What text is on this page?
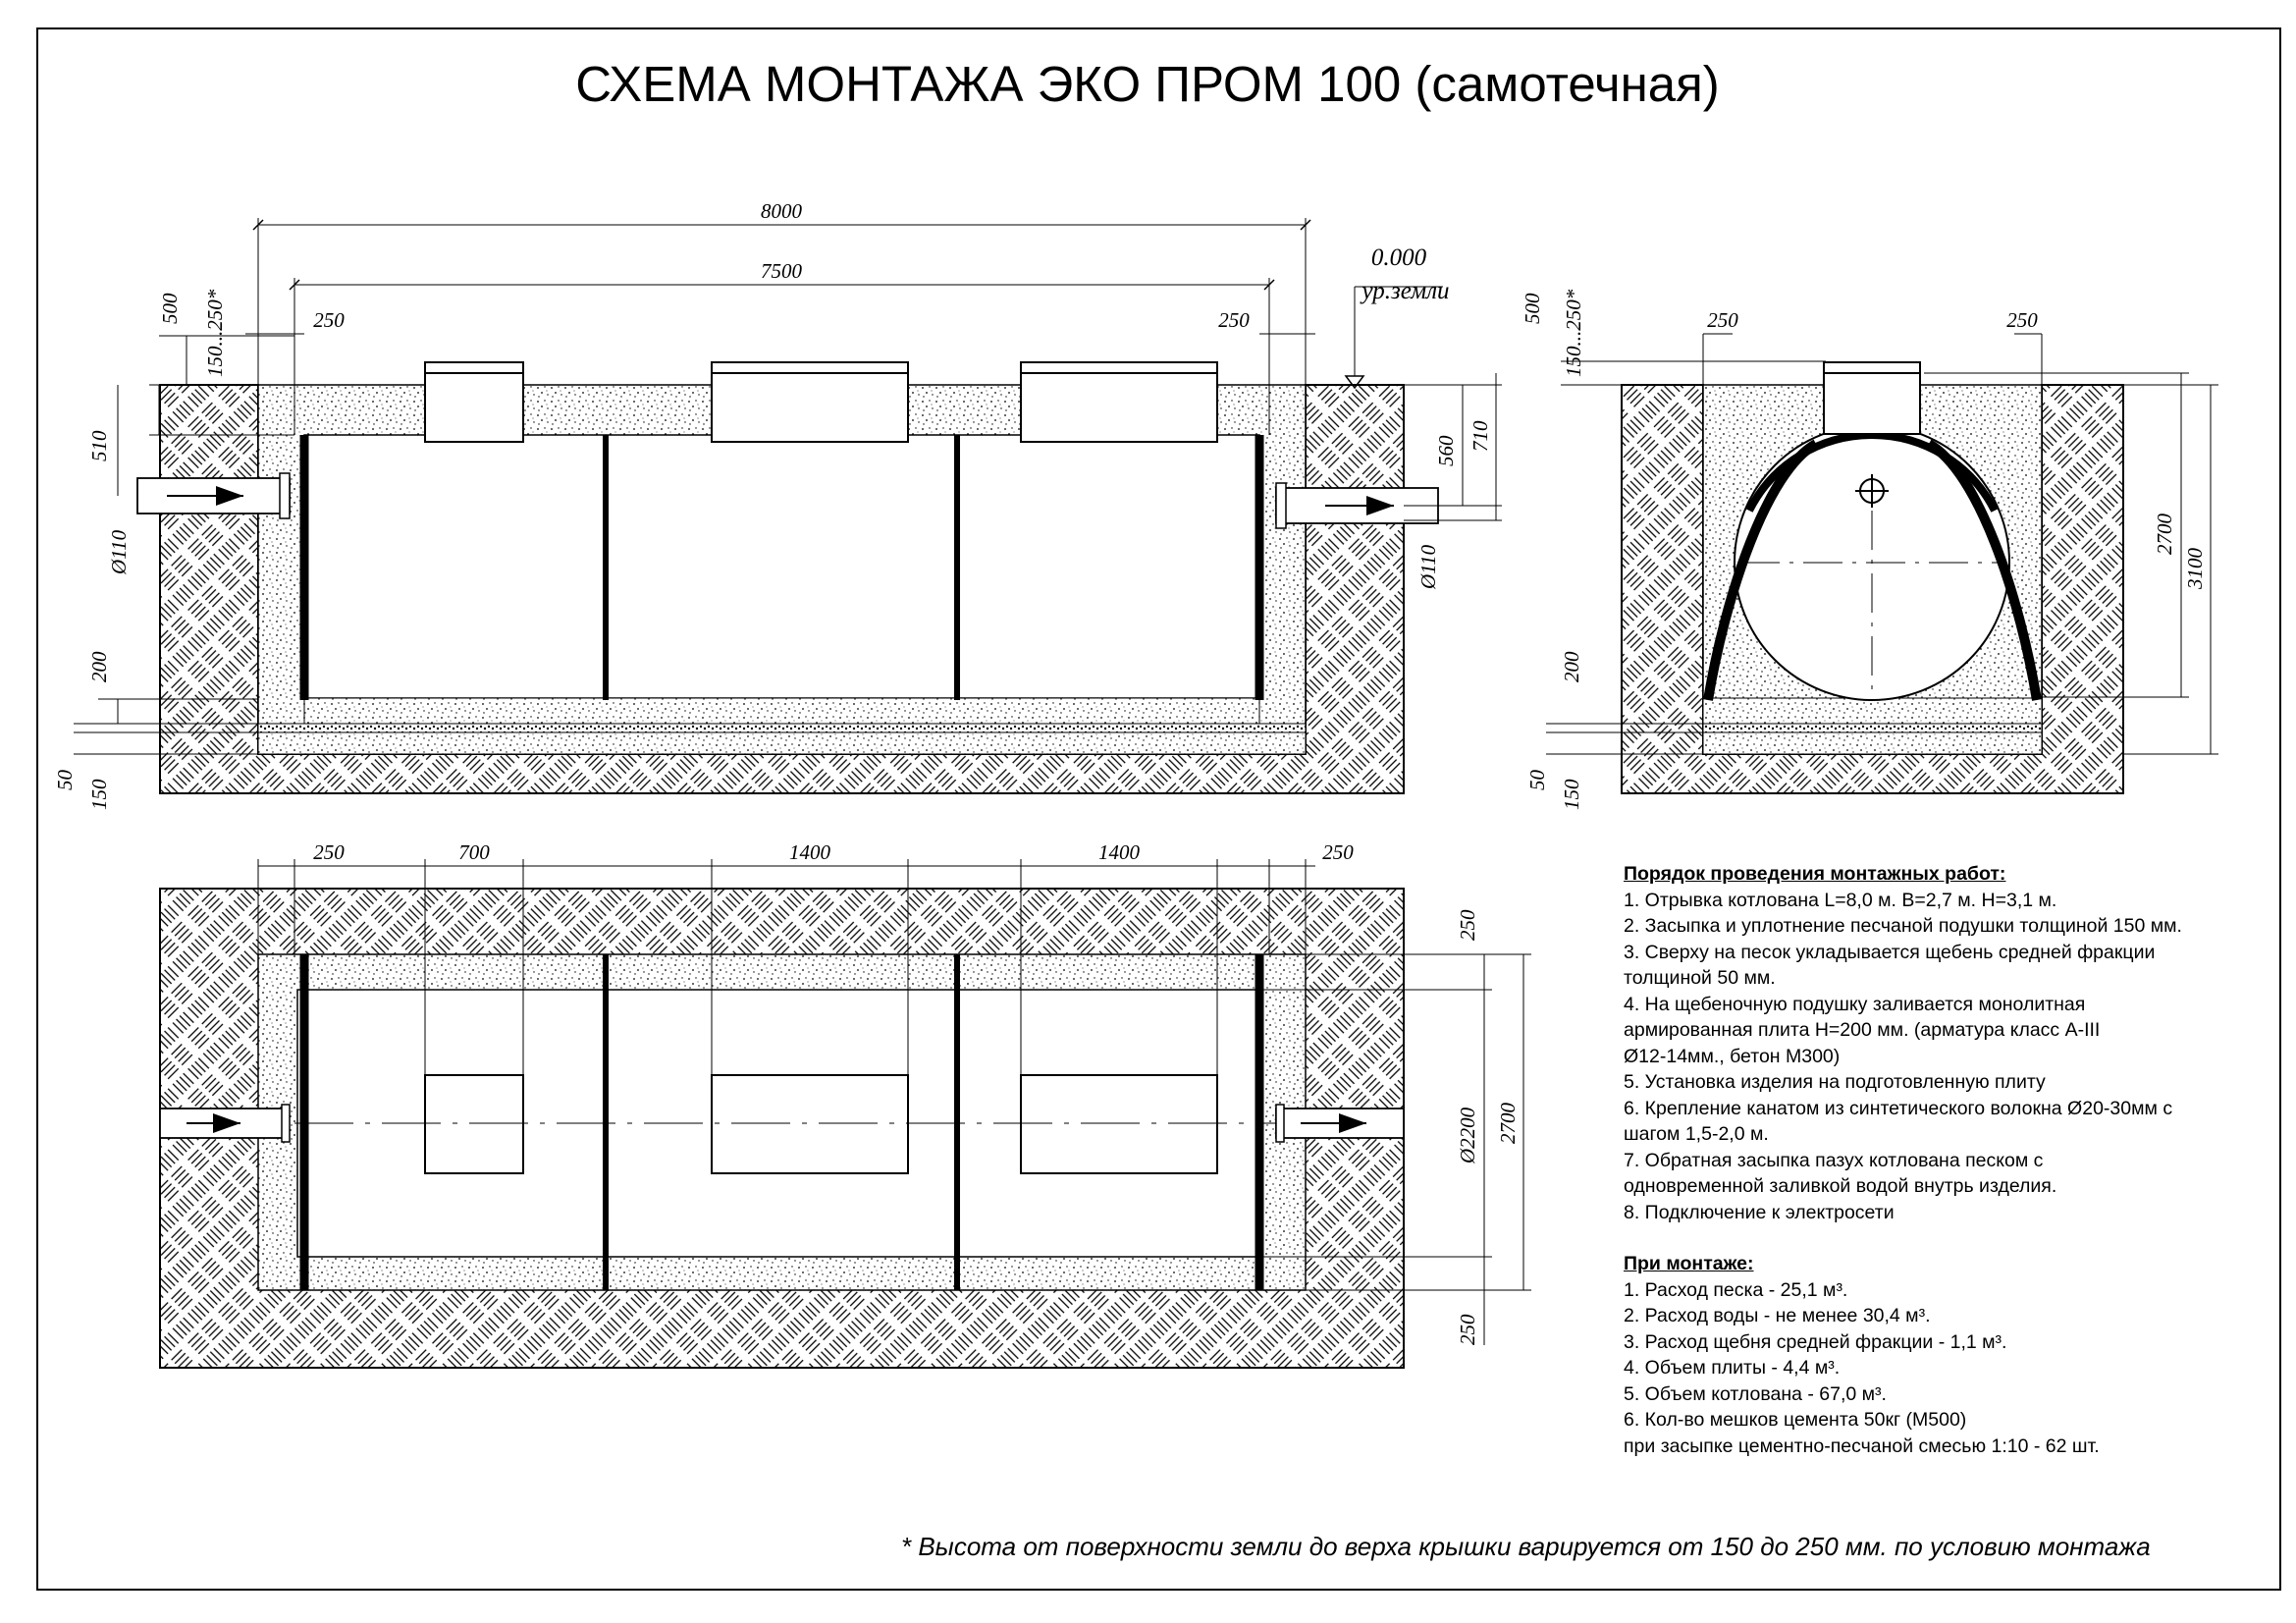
СХЕМА МОНТАЖА ЭКО ПРОМ 100 (самотечная)
8000
7500
250	250
0.000
ур.земли
500 150...250*
510
Ø110
200
50 150
560 710
Ø110
250	250
500 150...250*
200
50 150
2700
3100
250	700	1400	1400	250
250
Ø2200 2700
250
Порядок проведения монтажных работ:
1. Отрывка котлована L=8,0 м. B=2,7 м. H=3,1 м.
2. Засыпка и уплотнение песчаной подушки толщиной 150 мм.
3. Сверху на песок укладывается щебень средней фракции
толщиной 50 мм.
4. На щебеночную подушку заливается монолитная
армированная плита H=200 мм. (арматура класс А-III
Ø12-14мм., бетон М300)
5. Установка изделия на подготовленную плиту
6. Крепление канатом из синтетического волокна Ø20-30мм с
шагом 1,5-2,0 м.
7. Обратная засыпка пазух котлована песком с
одновременной заливкой водой внутрь изделия.
8. Подключение к электросети
При монтаже:
1. Расход песка - 25,1 м³.
2. Расход воды - не менее 30,4 м³.
3. Расход щебня средней фракции - 1,1 м³.
4. Объем плиты - 4,4 м³.
5. Объем котлована - 67,0 м³.
6. Кол-во мешков цемента 50кг (М500)
при засыпке цементно-песчаной смесью 1:10 - 62 шт.
* Высота от поверхности земли до верха крышки варируется от 150 до 250 мм. по условию монтажа
